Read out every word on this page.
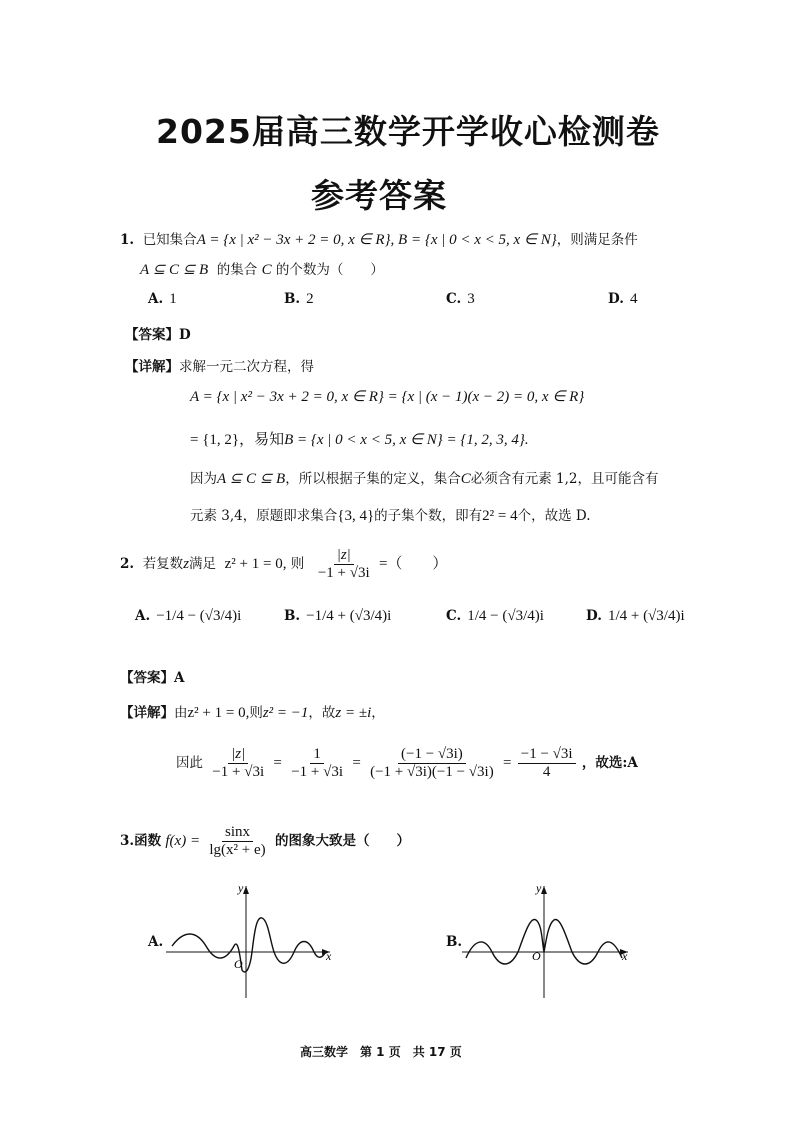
2025届高三数学开学收心检测卷
参考答案
1. 已知集合A = {x | x² − 3x + 2 = 0, x ∈ R}, B = {x | 0 < x < 5, x ∈ N}，则满足条件
A ⊆ C ⊆ B 的集合 C 的个数为（　　）
A. 1	B. 2	C. 3	D. 4
【答案】D
【详解】求解一元二次方程，得
A = {x | x² − 3x + 2 = 0, x ∈ R} = {x | (x − 1)(x − 2) = 0, x ∈ R}
= {1, 2}，易知B = {x | 0 < x < 5, x ∈ N} = {1, 2, 3, 4}.
因为A ⊆ C ⊆ B，所以根据子集的定义，集合C必须含有元素 1,2，且可能含有
元素 3,4，原题即求集合{3, 4}的子集个数，即有2² = 4个，故选 D.
2. 若复数z满足 z² + 1 = 0, 则 $\frac{|z|}{-1 + √3i}$ =（　　）
A. −1/4 − (√3/4)i	B. −1/4 + (√3/4)i	C. 1/4 − (√3/4)i	D. 1/4 + (√3/4)i
【答案】A
【详解】由z² + 1 = 0,则z² = −1，故z = ±i，
因此 $\frac{|z|}{-1 + √3i} = \frac{1}{-1 + √3i} = \frac{(-1 - √3i)}{(-1 + √3i)(-1 - √3i)} = \frac{-1 - √3i}{4}$ ，故选:A
3.函数 $f(x) = \frac{\sin x}{\text{lg(x² + e)}}$ 的图象大致是（　　）
A.
x
y
O
B.
x
y
O
高三数学　第 1 页　共 17 页
